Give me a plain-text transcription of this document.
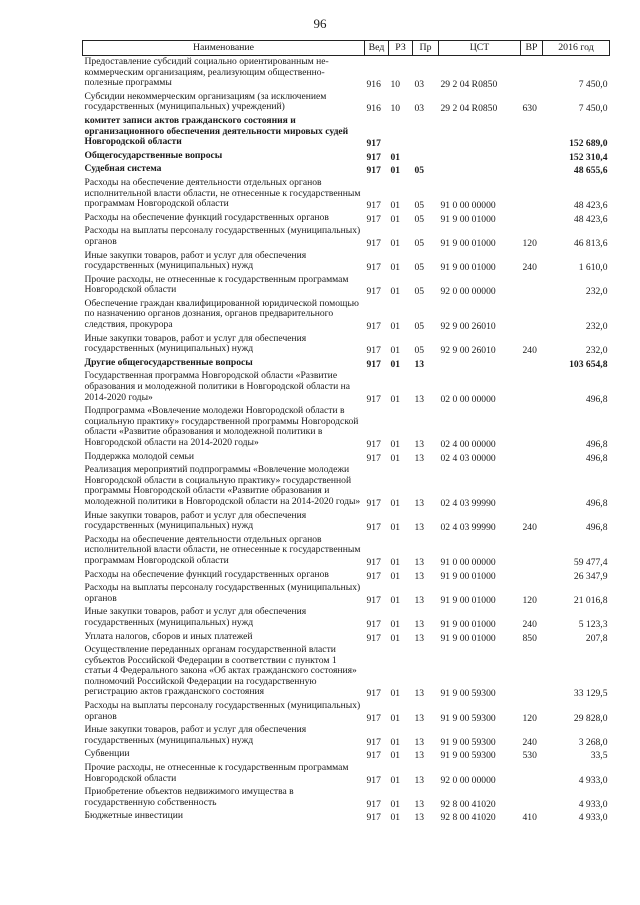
96
Наименование	Вед	РЗ	Пр	ЦСТ	ВР	2016 год
Предоставление субсидий социально ориентированным не-коммерческим организациям, реализующим общественно-полезные программы	916	10	03	29 2 04 R0850		7 450,0
Субсидии некоммерческим организациям (за исключением государственных (муниципальных) учреждений)	916	10	03	29 2 04 R0850	630	7 450,0
комитет записи актов гражданского состояния и организационного обеспечения деятельности мировых судей Новгородской области	917					152 689,0
Общегосударственные вопросы	917	01				152 310,4
Судебная система	917	01	05			48 655,6
Расходы на обеспечение деятельности отдельных органов исполнительной власти области, не отнесенные к государственным программам Новгородской области	917	01	05	91 0 00 00000		48 423,6
Расходы на обеспечение функций государственных органов	917	01	05	91 9 00 01000		48 423,6
Расходы на выплаты персоналу государственных (муниципальных) органов	917	01	05	91 9 00 01000	120	46 813,6
Иные закупки товаров, работ и услуг для обеспечения государственных (муниципальных) нужд	917	01	05	91 9 00 01000	240	1 610,0
Прочие расходы, не отнесенные к государственным программам Новгородской области	917	01	05	92 0 00 00000		232,0
Обеспечение граждан квалифицированной юридической помощью по назначению органов дознания, органов предварительного следствия, прокурора	917	01	05	92 9 00 26010		232,0
Иные закупки товаров, работ и услуг для обеспечения государственных (муниципальных) нужд	917	01	05	92 9 00 26010	240	232,0
Другие общегосударственные вопросы	917	01	13			103 654,8
Государственная программа Новгородской области «Развитие образования и молодежной политики в Новгородской области на 2014-2020 годы»	917	01	13	02 0 00 00000		496,8
Подпрограмма «Вовлечение молодежи Новгородской области в социальную практику» государственной программы Новгородской области «Развитие образования и молодежной политики в Новгородской области на 2014-2020 годы»	917	01	13	02 4 00 00000		496,8
Поддержка молодой семьи	917	01	13	02 4 03 00000		496,8
Реализация мероприятий подпрограммы «Вовлечение молодежи Новгородской области в социальную практику» государственной программы Новгородской области «Развитие образования и молодежной политики в Новгородской области на 2014-2020 годы»	917	01	13	02 4 03 99990		496,8
Иные закупки товаров, работ и услуг для обеспечения государственных (муниципальных) нужд	917	01	13	02 4 03 99990	240	496,8
Расходы на обеспечение деятельности отдельных органов исполнительной власти области, не отнесенные к государственным программам Новгородской области	917	01	13	91 0 00 00000		59 477,4
Расходы на обеспечение функций государственных органов	917	01	13	91 9 00 01000		26 347,9
Расходы на выплаты персоналу государственных (муниципальных) органов	917	01	13	91 9 00 01000	120	21 016,8
Иные закупки товаров, работ и услуг для обеспечения государственных (муниципальных) нужд	917	01	13	91 9 00 01000	240	5 123,3
Уплата налогов, сборов и иных платежей	917	01	13	91 9 00 01000	850	207,8
Осуществление переданных органам государственной власти субъектов Российской Федерации в соответствии с пунктом 1 статьи 4 Федерального закона «Об актах гражданского состояния» полномочий Российской Федерации на государственную регистрацию актов гражданского состояния	917	01	13	91 9 00 59300		33 129,5
Расходы на выплаты персоналу государственных (муниципальных) органов	917	01	13	91 9 00 59300	120	29 828,0
Иные закупки товаров, работ и услуг для обеспечения государственных (муниципальных) нужд	917	01	13	91 9 00 59300	240	3 268,0
Субвенции	917	01	13	91 9 00 59300	530	33,5
Прочие расходы, не отнесенные к государственным программам Новгородской области	917	01	13	92 0 00 00000		4 933,0
Приобретение объектов недвижимого имущества в государственную собственность	917	01	13	92 8 00 41020		4 933,0
Бюджетные инвестиции	917	01	13	92 8 00 41020	410	4 933,0
